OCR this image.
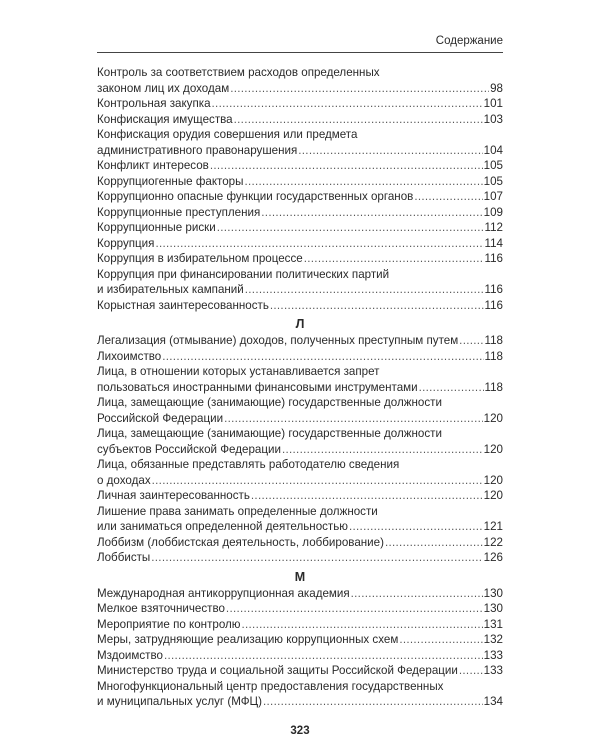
Содержание
Контроль за соответствием расходов определенных
законом лиц их доходам .....	98
Контрольная закупка .....	101
Конфискация имущества .....	103
Конфискация орудия совершения или предмета
административного правонарушения .....	104
Конфликт интересов .....	105
Коррупциогенные факторы .....	105
Коррупционно опасные функции государственных органов .....	107
Коррупционные преступления .....	109
Коррупционные риски .....	112
Коррупция .....	114
Коррупция в избирательном процессе .....	116
Коррупция при финансировании политических партий
и избирательных кампаний .....	116
Корыстная заинтересованность .....	116
Л
Легализация (отмывание) доходов, полученных преступным путем ..... 118
Лихоимство .....	118
Лица, в отношении которых устанавливается запрет
пользоваться иностранными финансовыми инструментами .....	118
Лица, замещающие (занимающие) государственные должности
Российской Федерации .....	120
Лица, замещающие (занимающие) государственные должности
субъектов Российской Федерации .....	120
Лица, обязанные представлять работодателю сведения
о доходах .....	120
Личная заинтересованность .....	120
Лишение права занимать определенные должности
или заниматься определенной деятельностью .....	121
Лоббизм (лоббистская деятельность, лоббирование) .....	122
Лоббисты .....	126
М
Международная антикоррупционная академия .....	130
Мелкое взяточничество .....	130
Мероприятие по контролю .....	131
Меры, затрудняющие реализацию коррупционных схем .....	132
Мздоимство .....	133
Министерство труда и социальной защиты Российской Федерации ..... 133
Многофункциональный центр предоставления государственных
и муниципальных услуг (МФЦ) .....	134
323
